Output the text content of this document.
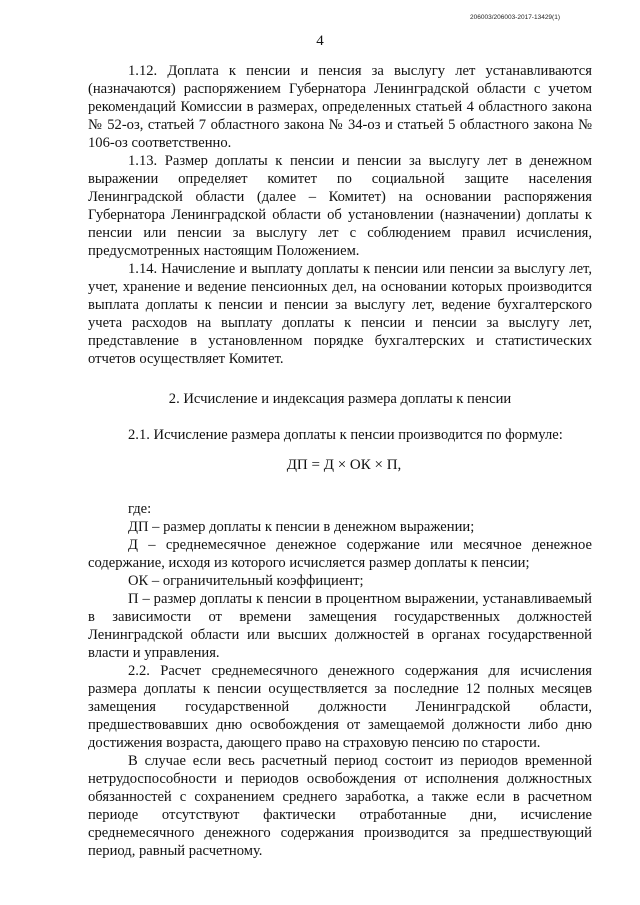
206003/206003-2017-13429(1)
4

1.12. Доплата к пенсии и пенсия за выслугу лет устанавливаются (назначаются) распоряжением Губернатора Ленинградской области с учетом рекомендаций Комиссии в размерах, определенных статьей 4 областного закона № 52-оз, статьей 7 областного закона № 34-оз и статьей 5 областного закона № 106-оз соответственно.

1.13. Размер доплаты к пенсии и пенсии за выслугу лет в денежном выражении определяет комитет по социальной защите населения Ленинградской области (далее – Комитет) на основании распоряжения Губернатора Ленинградской области об установлении (назначении) доплаты к пенсии или пенсии за выслугу лет с соблюдением правил исчисления, предусмотренных настоящим Положением.

1.14. Начисление и выплату доплаты к пенсии или пенсии за выслугу лет, учет, хранение и ведение пенсионных дел, на основании которых производится выплата доплаты к пенсии и пенсии за выслугу лет, ведение бухгалтерского учета расходов на выплату доплаты к пенсии и пенсии за выслугу лет, представление в установленном порядке бухгалтерских и статистических отчетов осуществляет Комитет.

2. Исчисление и индексация размера доплаты к пенсии

2.1. Исчисление размера доплаты к пенсии производится по формуле:

ДП = Д × ОК × П,

где:

ДП – размер доплаты к пенсии в денежном выражении;

Д – среднемесячное денежное содержание или месячное денежное содержание, исходя из которого исчисляется размер доплаты к пенсии;

ОК – ограничительный коэффициент;

П – размер доплаты к пенсии в процентном выражении, устанавливаемый в зависимости от времени замещения государственных должностей Ленинградской области или высших должностей в органах государственной власти и управления.

2.2. Расчет среднемесячного денежного содержания для исчисления размера доплаты к пенсии осуществляется за последние 12 полных месяцев замещения государственной должности Ленинградской области, предшествовавших дню освобождения от замещаемой должности либо дню достижения возраста, дающего право на страховую пенсию по старости.

В случае если весь расчетный период состоит из периодов временной нетрудоспособности и периодов освобождения от исполнения должностных обязанностей с сохранением среднего заработка, а также если в расчетном периоде отсутствуют фактически отработанные дни, исчисление среднемесячного денежного содержания производится за предшествующий период, равный расчетному.
